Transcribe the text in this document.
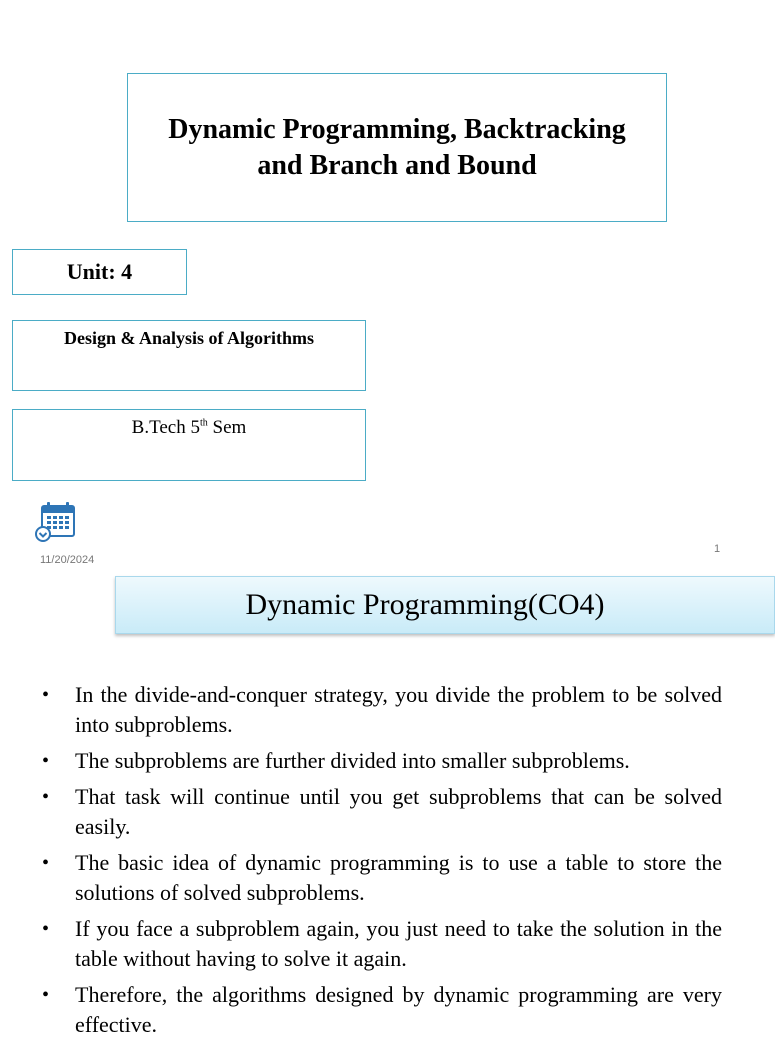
Dynamic Programming, Backtracking
and Branch and Bound
Unit: 4
Design & Analysis of Algorithms
B.Tech 5th Sem
11/20/2024
1
Dynamic Programming(CO4)
• In the divide-and-conquer strategy, you divide the problem to be solved into subproblems.
• The subproblems are further divided into smaller subproblems.
• That task will continue until you get subproblems that can be solved easily.
• The basic idea of dynamic programming is to use a table to store the solutions of solved subproblems.
• If you face a subproblem again, you just need to take the solution in the table without having to solve it again.
• Therefore, the algorithms designed by dynamic programming are very effective.
